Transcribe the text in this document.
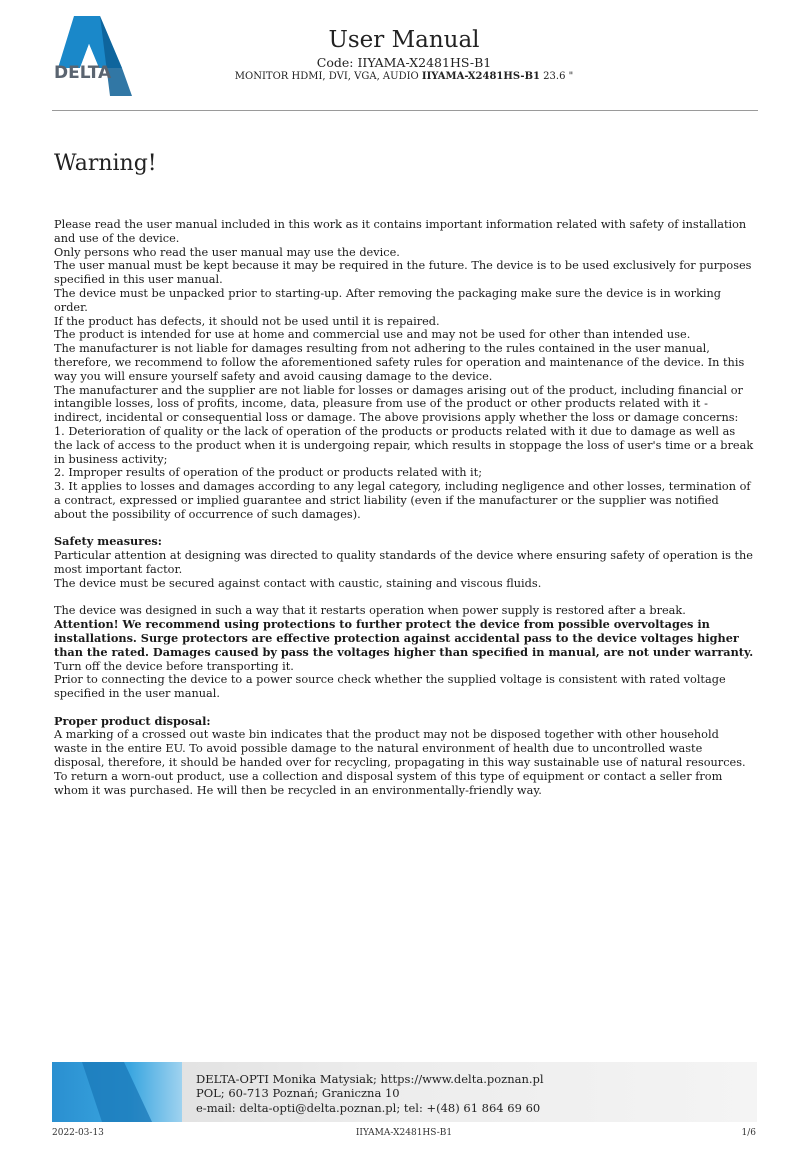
DELTA
User Manual
Code: IIYAMA-X2481HS-B1
MONITOR HDMI, DVI, VGA, AUDIO IIYAMA-X2481HS-B1 23.6 "
Warning!

Please read the user manual included in this work as it contains important information related with safety of installation and use of the device.

Only persons who read the user manual may use the device.

The user manual must be kept because it may be required in the future. The device is to be used exclusively for purposes specified in this user manual.

The device must be unpacked prior to starting-up. After removing the packaging make sure the device is in working order.

If the product has defects, it should not be used until it is repaired.

The product is intended for use at home and commercial use and may not be used for other than intended use.

The manufacturer is not liable for damages resulting from not adhering to the rules contained in the user manual, therefore, we recommend to follow the aforementioned safety rules for operation and maintenance of the device. In this way you will ensure yourself safety and avoid causing damage to the device.

The manufacturer and the supplier are not liable for losses or damages arising out of the product, including financial or intangible losses, loss of profits, income, data, pleasure from use of the product or other products related with it - indirect, incidental or consequential loss or damage. The above provisions apply whether the loss or damage concerns:

1. Deterioration of quality or the lack of operation of the products or products related with it due to damage as well as the lack of access to the product when it is undergoing repair, which results in stoppage the loss of user's time or a break in business activity;

2. Improper results of operation of the product or products related with it;

3. It applies to losses and damages according to any legal category, including negligence and other losses, termination of a contract, expressed or implied guarantee and strict liability (even if the manufacturer or the supplier was notified about the possibility of occurrence of such damages).

Safety measures:

Particular attention at designing was directed to quality standards of the device where ensuring safety of operation is the most important factor.

The device must be secured against contact with caustic, staining and viscous fluids.

The device was designed in such a way that it restarts operation when power supply is restored after a break.

Attention! We recommend using protections to further protect the device from possible overvoltages in installations. Surge protectors are effective protection against accidental pass to the device voltages higher than the rated. Damages caused by pass the voltages higher than specified in manual, are not under warranty.

Turn off the device before transporting it.

Prior to connecting the device to a power source check whether the supplied voltage is consistent with rated voltage specified in the user manual.

Proper product disposal:

A marking of a crossed out waste bin indicates that the product may not be disposed together with other household waste in the entire EU. To avoid possible damage to the natural environment of health due to uncontrolled waste disposal, therefore, it should be handed over for recycling, propagating in this way sustainable use of natural resources.

To return a worn-out product, use a collection and disposal system of this type of equipment or contact a seller from whom it was purchased. He will then be recycled in an environmentally-friendly way.

DELTA-OPTI Monika Matysiak; https://www.delta.poznan.pl
POL; 60-713 Poznań; Graniczna 10
e-mail: delta-opti@delta.poznan.pl; tel: +(48) 61 864 69 60
2022-03-13	IIYAMA-X2481HS-B1	1/6
